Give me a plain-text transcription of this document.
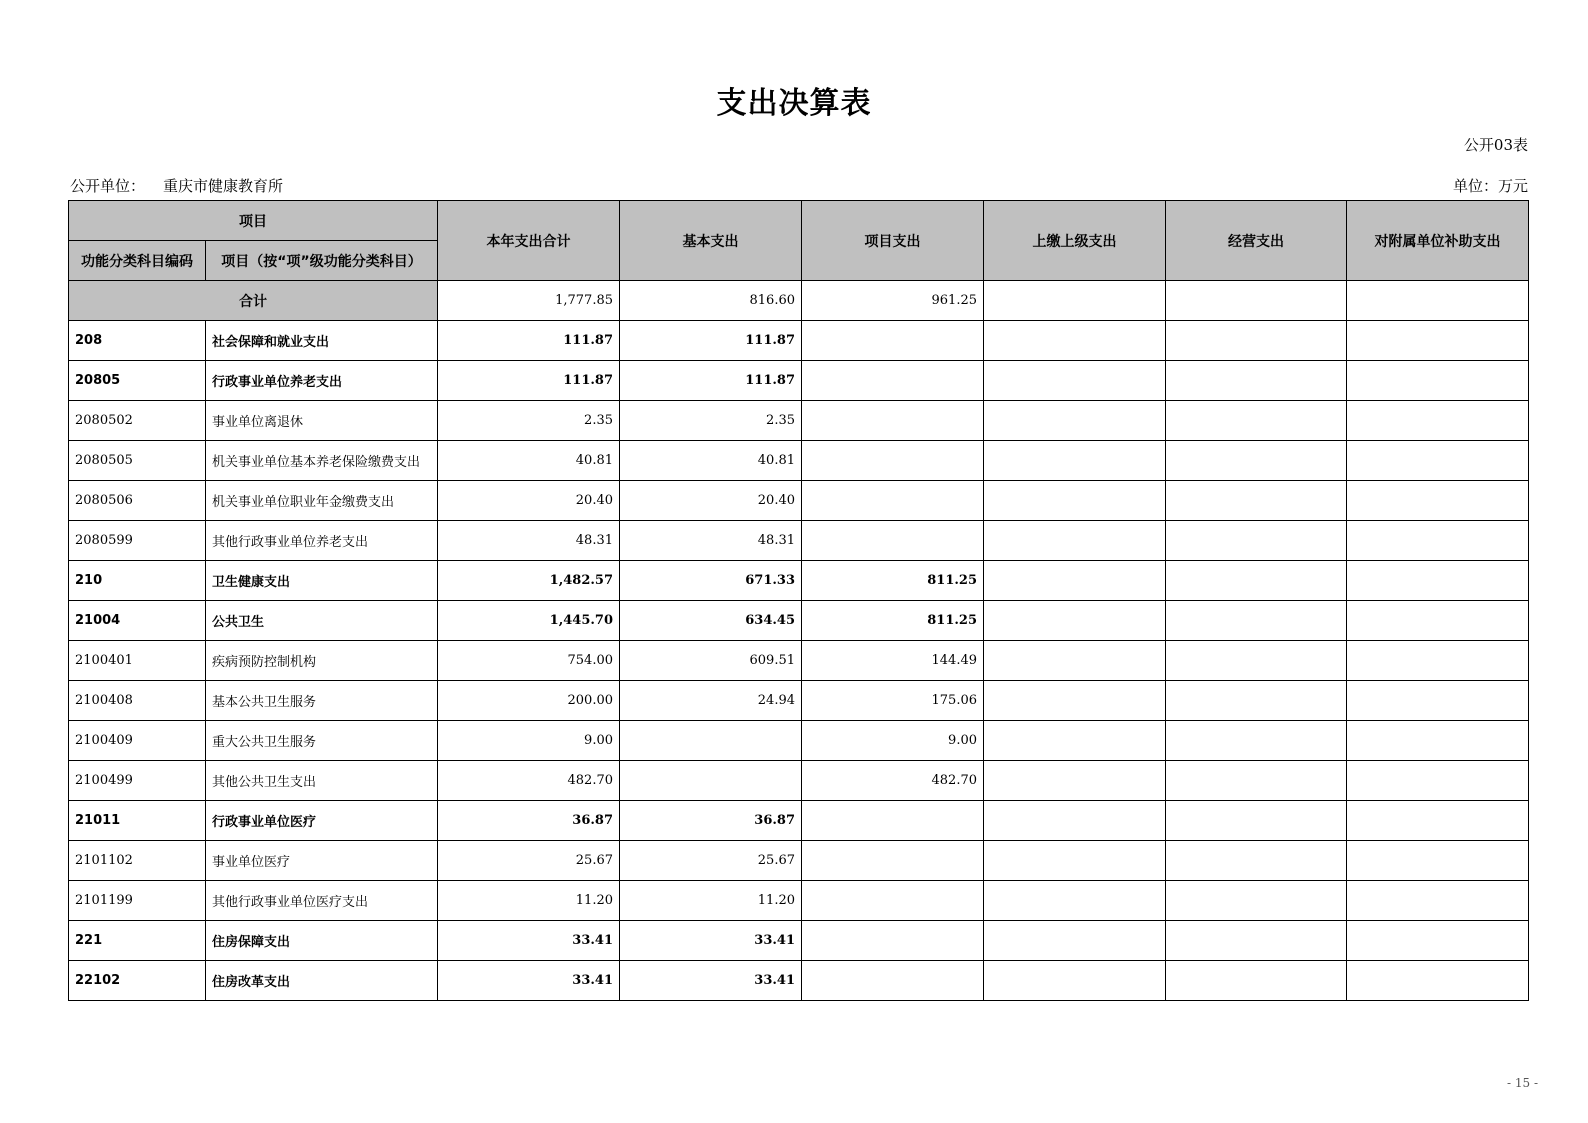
支出决算表
公开03表
公开单位： 重庆市健康教育所	单位：万元
项目		本年支出合计	基本支出	项目支出	上缴上级支出	经营支出	对附属单位补助支出
功能分类科目编码	项目（按“项”级功能分类科目）						
合计		1,777.85	816.60	961.25			
208	社会保障和就业支出	111.87	111.87				
20805	行政事业单位养老支出	111.87	111.87				
2080502	事业单位离退休	2.35	2.35				
2080505	机关事业单位基本养老保险缴费支出	40.81	40.81				
2080506	机关事业单位职业年金缴费支出	20.40	20.40				
2080599	其他行政事业单位养老支出	48.31	48.31				
210	卫生健康支出	1,482.57	671.33	811.25			
21004	公共卫生	1,445.70	634.45	811.25			
2100401	疾病预防控制机构	754.00	609.51	144.49			
2100408	基本公共卫生服务	200.00	24.94	175.06			
2100409	重大公共卫生服务	9.00		9.00			
2100499	其他公共卫生支出	482.70		482.70			
21011	行政事业单位医疗	36.87	36.87				
2101102	事业单位医疗	25.67	25.67				
2101199	其他行政事业单位医疗支出	11.20	11.20				
221	住房保障支出	33.41	33.41				
22102	住房改革支出	33.41	33.41				
- 15 -
